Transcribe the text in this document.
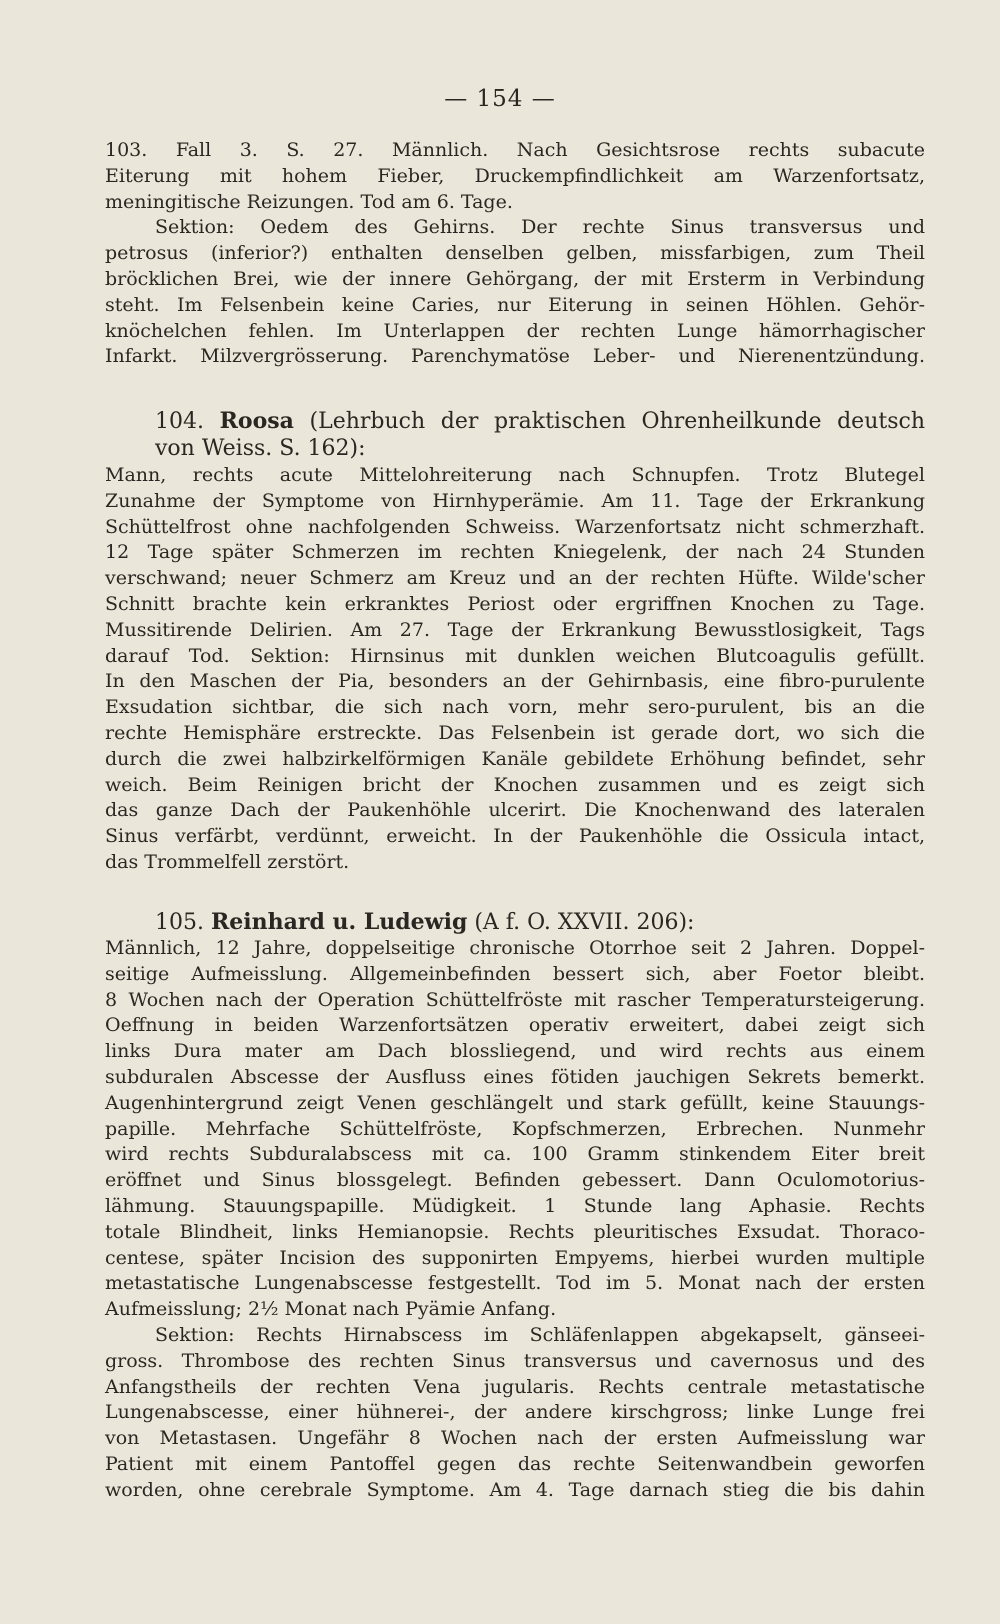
— 154 —
103. Fall 3. S. 27. Männlich. Nach Gesichtsrose rechts subacute
Eiterung mit hohem Fieber, Druckempfindlichkeit am Warzenfortsatz,
meningitische Reizungen. Tod am 6. Tage.
Sektion: Oedem des Gehirns. Der rechte Sinus transversus und
petrosus (inferior?) enthalten denselben gelben, missfarbigen, zum Theil
bröcklichen Brei, wie der innere Gehörgang, der mit Ersterm in Verbindung
steht. Im Felsenbein keine Caries, nur Eiterung in seinen Höhlen. Gehör-
knöchelchen fehlen. Im Unterlappen der rechten Lunge hämorrhagischer
Infarkt. Milzvergrösserung. Parenchymatöse Leber- und Nierenentzündung.
104. Roosa (Lehrbuch der praktischen Ohrenheilkunde deutsch
von Weiss. S. 162):
Mann, rechts acute Mittelohreiterung nach Schnupfen. Trotz Blutegel
Zunahme der Symptome von Hirnhyperämie. Am 11. Tage der Erkrankung
Schüttelfrost ohne nachfolgenden Schweiss. Warzenfortsatz nicht schmerzhaft.
12 Tage später Schmerzen im rechten Kniegelenk, der nach 24 Stunden
verschwand; neuer Schmerz am Kreuz und an der rechten Hüfte. Wilde'scher
Schnitt brachte kein erkranktes Periost oder ergriffnen Knochen zu Tage.
Mussitirende Delirien. Am 27. Tage der Erkrankung Bewusstlosigkeit, Tags
darauf Tod. Sektion: Hirnsinus mit dunklen weichen Blutcoagulis gefüllt.
In den Maschen der Pia, besonders an der Gehirnbasis, eine fibro-purulente
Exsudation sichtbar, die sich nach vorn, mehr sero-purulent, bis an die
rechte Hemisphäre erstreckte. Das Felsenbein ist gerade dort, wo sich die
durch die zwei halbzirkelförmigen Kanäle gebildete Erhöhung befindet, sehr
weich. Beim Reinigen bricht der Knochen zusammen und es zeigt sich
das ganze Dach der Paukenhöhle ulcerirt. Die Knochenwand des lateralen
Sinus verfärbt, verdünnt, erweicht. In der Paukenhöhle die Ossicula intact,
das Trommelfell zerstört.
105. Reinhard u. Ludewig (A f. O. XXVII. 206):
Männlich, 12 Jahre, doppelseitige chronische Otorrhoe seit 2 Jahren. Doppel-
seitige Aufmeisslung. Allgemeinbefinden bessert sich, aber Foetor bleibt.
8 Wochen nach der Operation Schüttelfröste mit rascher Temperatursteigerung.
Oeffnung in beiden Warzenfortsätzen operativ erweitert, dabei zeigt sich
links Dura mater am Dach blossliegend, und wird rechts aus einem
subduralen Abscesse der Ausfluss eines fötiden jauchigen Sekrets bemerkt.
Augenhintergrund zeigt Venen geschlängelt und stark gefüllt, keine Stauungs-
papille. Mehrfache Schüttelfröste, Kopfschmerzen, Erbrechen. Nunmehr
wird rechts Subduralabscess mit ca. 100 Gramm stinkendem Eiter breit
eröffnet und Sinus blossgelegt. Befinden gebessert. Dann Oculomotorius-
lähmung. Stauungspapille. Müdigkeit. 1 Stunde lang Aphasie. Rechts
totale Blindheit, links Hemianopsie. Rechts pleuritisches Exsudat. Thoraco-
centese, später Incision des supponirten Empyems, hierbei wurden multiple
metastatische Lungenabscesse festgestellt. Tod im 5. Monat nach der ersten
Aufmeisslung; 2½ Monat nach Pyämie Anfang.
Sektion: Rechts Hirnabscess im Schläfenlappen abgekapselt, gänseei-
gross. Thrombose des rechten Sinus transversus und cavernosus und des
Anfangstheils der rechten Vena jugularis. Rechts centrale metastatische
Lungenabscesse, einer hühnerei-, der andere kirschgross; linke Lunge frei
von Metastasen. Ungefähr 8 Wochen nach der ersten Aufmeisslung war
Patient mit einem Pantoffel gegen das rechte Seitenwandbein geworfen
worden, ohne cerebrale Symptome. Am 4. Tage darnach stieg die bis dahin
